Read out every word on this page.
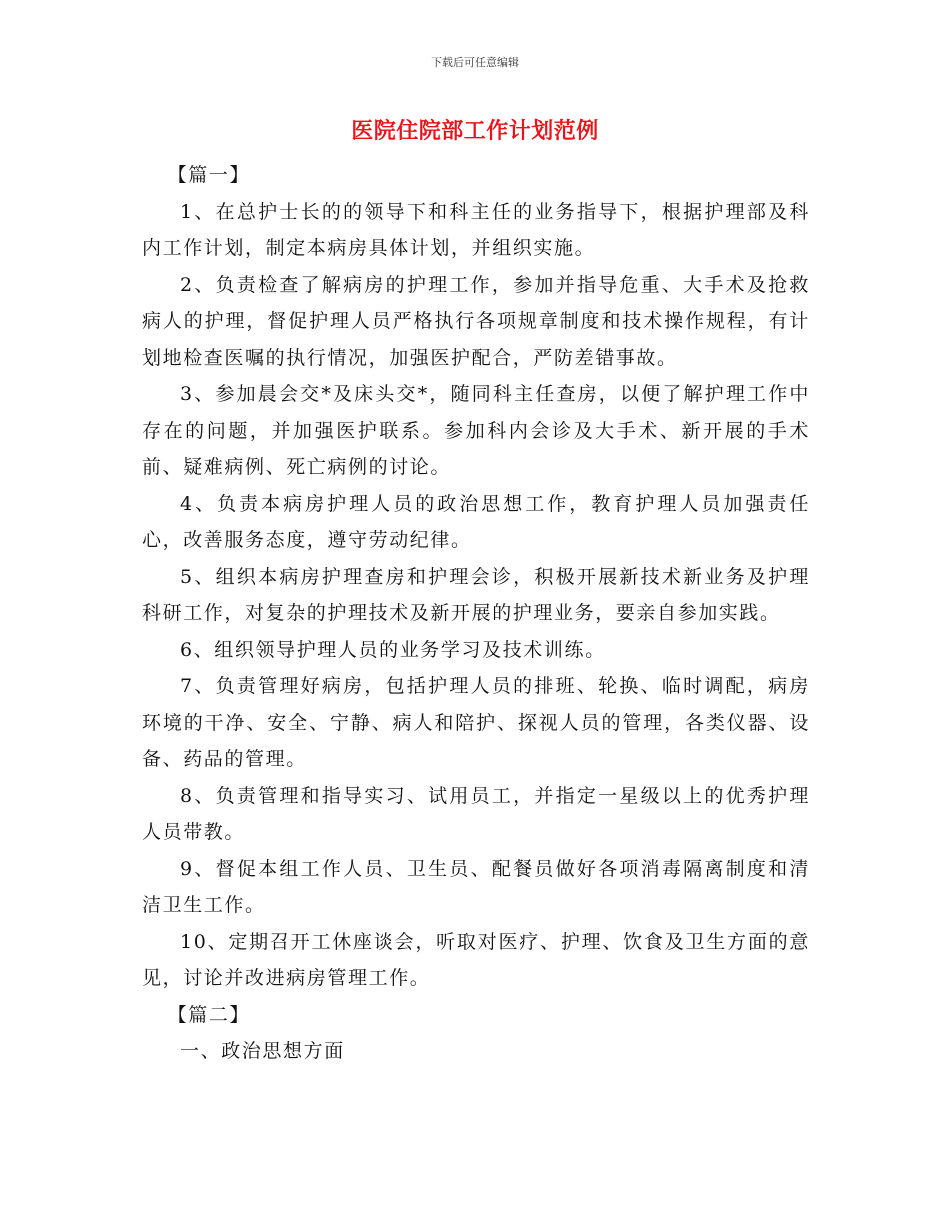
下载后可任意编辑
医院住院部工作计划范例

【篇一】

1、在总护士长的的领导下和科主任的业务指导下，根据护理部及科内工作计划，制定本病房具体计划，并组织实施。

2、负责检查了解病房的护理工作，参加并指导危重、大手术及抢救病人的护理，督促护理人员严格执行各项规章制度和技术操作规程，有计划地检查医嘱的执行情况，加强医护配合，严防差错事故。

3、参加晨会交*及床头交*，随同科主任查房，以便了解护理工作中存在的问题，并加强医护联系。参加科内会诊及大手术、新开展的手术前、疑难病例、死亡病例的讨论。

4、负责本病房护理人员的政治思想工作，教育护理人员加强责任心，改善服务态度，遵守劳动纪律。

5、组织本病房护理查房和护理会诊，积极开展新技术新业务及护理科研工作，对复杂的护理技术及新开展的护理业务，要亲自参加实践。

6、组织领导护理人员的业务学习及技术训练。

7、负责管理好病房，包括护理人员的排班、轮换、临时调配，病房环境的干净、安全、宁静、病人和陪护、探视人员的管理，各类仪器、设备、药品的管理。

8、负责管理和指导实习、试用员工，并指定一星级以上的优秀护理人员带教。

9、督促本组工作人员、卫生员、配餐员做好各项消毒隔离制度和清洁卫生工作。

10、定期召开工休座谈会，听取对医疗、护理、饮食及卫生方面的意见，讨论并改进病房管理工作。

【篇二】

一、政治思想方面
